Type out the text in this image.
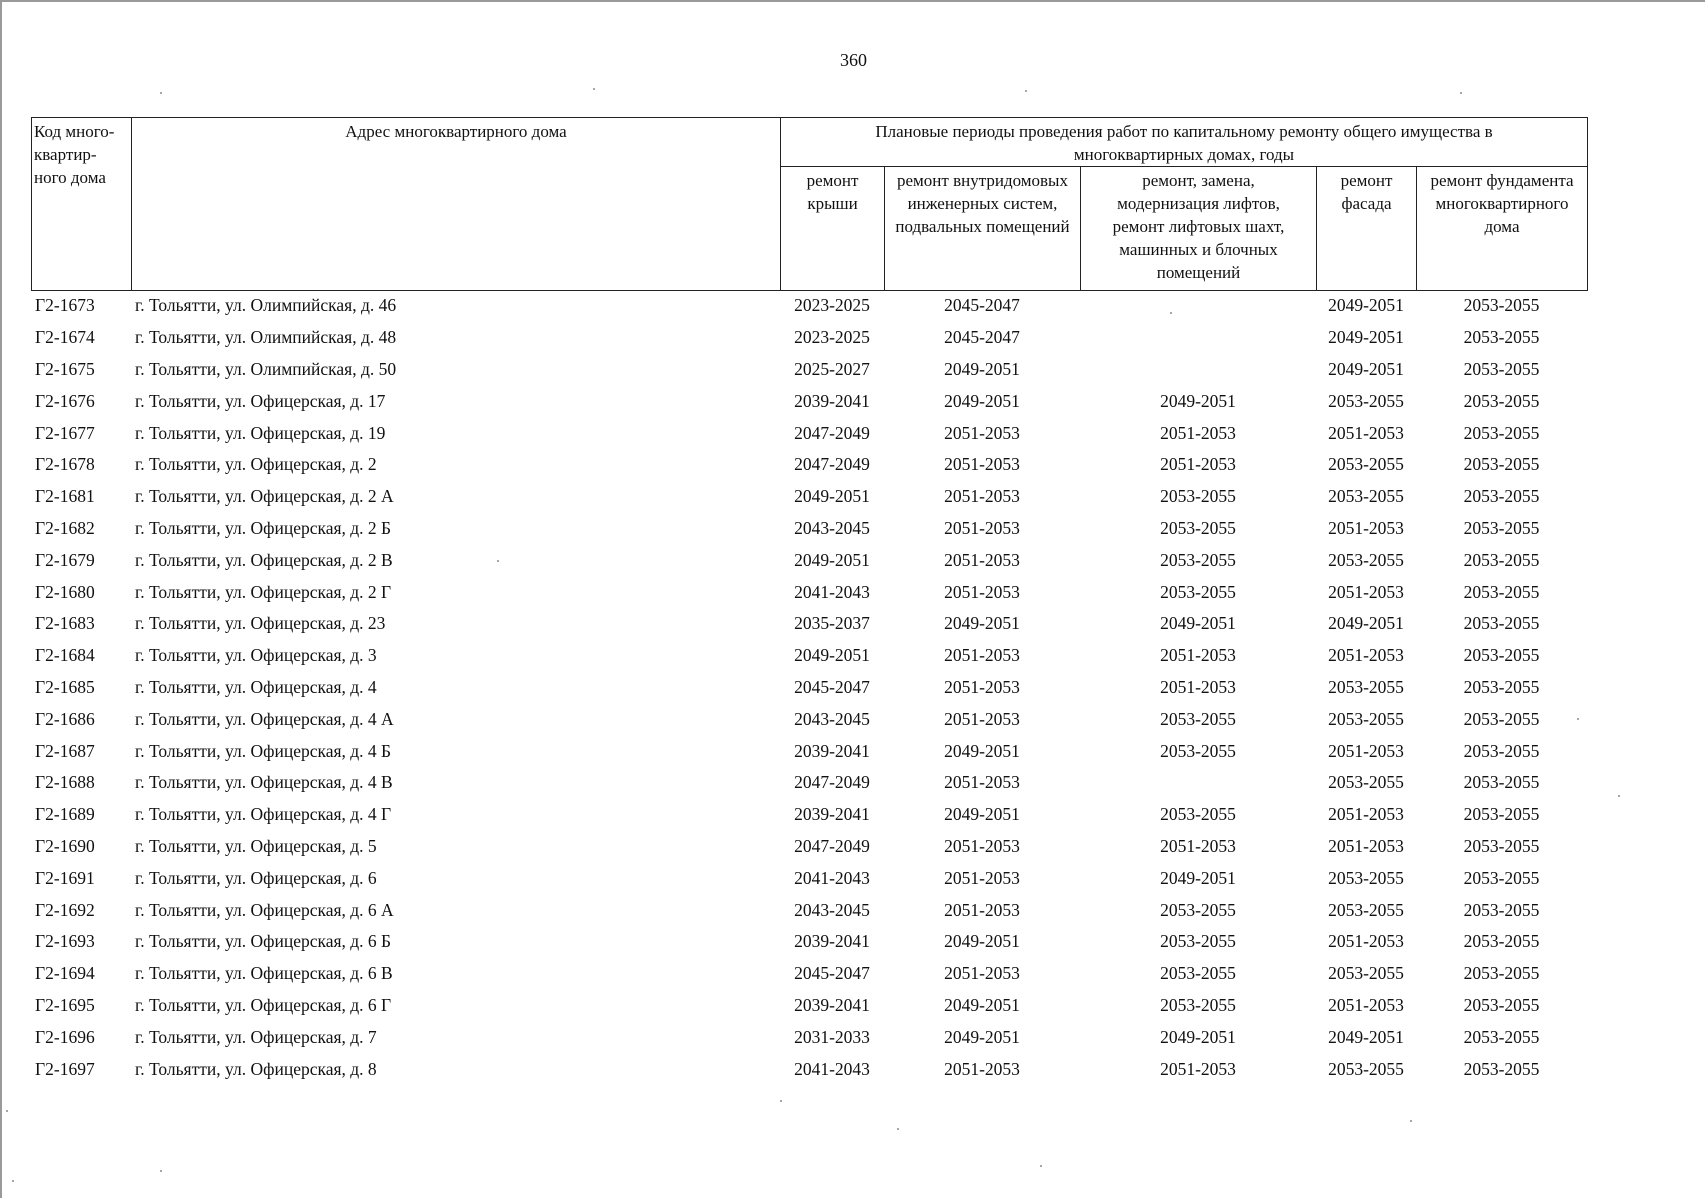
360
Код много-квартир-ного дома	Адрес многоквартирного дома	Плановые периоды проведения работ по капитальному ремонту общего имущества в многоквартирных домах, годы				
		ремонт крыши	ремонт внутридомовых инженерных систем, подвальных помещений	ремонт, замена, модернизация лифтов, ремонт лифтовых шахт, машинных и блочных помещений	ремонт фасада	ремонт фундамента многоквартирного дома
Г2-1673	г. Тольятти, ул. Олимпийская, д. 46	2023-2025	2045-2047		2049-2051	2053-2055
Г2-1674	г. Тольятти, ул. Олимпийская, д. 48	2023-2025	2045-2047		2049-2051	2053-2055
Г2-1675	г. Тольятти, ул. Олимпийская, д. 50	2025-2027	2049-2051		2049-2051	2053-2055
Г2-1676	г. Тольятти, ул. Офицерская, д. 17	2039-2041	2049-2051	2049-2051	2053-2055	2053-2055
Г2-1677	г. Тольятти, ул. Офицерская, д. 19	2047-2049	2051-2053	2051-2053	2051-2053	2053-2055
Г2-1678	г. Тольятти, ул. Офицерская, д. 2	2047-2049	2051-2053	2051-2053	2053-2055	2053-2055
Г2-1681	г. Тольятти, ул. Офицерская, д. 2 А	2049-2051	2051-2053	2053-2055	2053-2055	2053-2055
Г2-1682	г. Тольятти, ул. Офицерская, д. 2 Б	2043-2045	2051-2053	2053-2055	2051-2053	2053-2055
Г2-1679	г. Тольятти, ул. Офицерская, д. 2 В	2049-2051	2051-2053	2053-2055	2053-2055	2053-2055
Г2-1680	г. Тольятти, ул. Офицерская, д. 2 Г	2041-2043	2051-2053	2053-2055	2051-2053	2053-2055
Г2-1683	г. Тольятти, ул. Офицерская, д. 23	2035-2037	2049-2051	2049-2051	2049-2051	2053-2055
Г2-1684	г. Тольятти, ул. Офицерская, д. 3	2049-2051	2051-2053	2051-2053	2051-2053	2053-2055
Г2-1685	г. Тольятти, ул. Офицерская, д. 4	2045-2047	2051-2053	2051-2053	2053-2055	2053-2055
Г2-1686	г. Тольятти, ул. Офицерская, д. 4 А	2043-2045	2051-2053	2053-2055	2053-2055	2053-2055
Г2-1687	г. Тольятти, ул. Офицерская, д. 4 Б	2039-2041	2049-2051	2053-2055	2051-2053	2053-2055
Г2-1688	г. Тольятти, ул. Офицерская, д. 4 В	2047-2049	2051-2053		2053-2055	2053-2055
Г2-1689	г. Тольятти, ул. Офицерская, д. 4 Г	2039-2041	2049-2051	2053-2055	2051-2053	2053-2055
Г2-1690	г. Тольятти, ул. Офицерская, д. 5	2047-2049	2051-2053	2051-2053	2051-2053	2053-2055
Г2-1691	г. Тольятти, ул. Офицерская, д. 6	2041-2043	2051-2053	2049-2051	2053-2055	2053-2055
Г2-1692	г. Тольятти, ул. Офицерская, д. 6 А	2043-2045	2051-2053	2053-2055	2053-2055	2053-2055
Г2-1693	г. Тольятти, ул. Офицерская, д. 6 Б	2039-2041	2049-2051	2053-2055	2051-2053	2053-2055
Г2-1694	г. Тольятти, ул. Офицерская, д. 6 В	2045-2047	2051-2053	2053-2055	2053-2055	2053-2055
Г2-1695	г. Тольятти, ул. Офицерская, д. 6 Г	2039-2041	2049-2051	2053-2055	2051-2053	2053-2055
Г2-1696	г. Тольятти, ул. Офицерская, д. 7	2031-2033	2049-2051	2049-2051	2049-2051	2053-2055
Г2-1697	г. Тольятти, ул. Офицерская, д. 8	2041-2043	2051-2053	2051-2053	2053-2055	2053-2055
